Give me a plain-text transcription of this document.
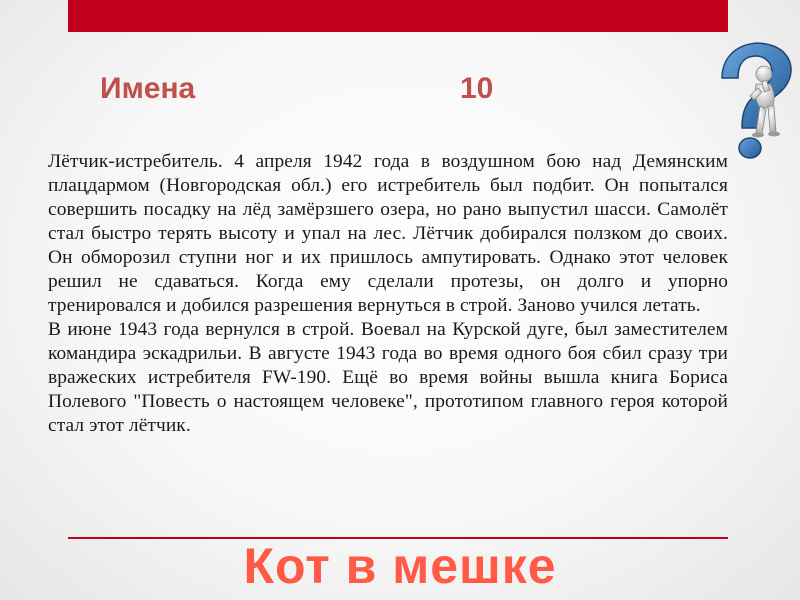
Имена	10

Лётчик-истребитель. 4 апреля 1942 года в воздушном бою над Демянским плацдармом (Новгородская обл.) его истребитель был подбит. Он попытался совершить посадку на лёд замёрзшего озера, но рано выпустил шасси. Самолёт стал быстро терять высоту и упал на лес. Лётчик добирался ползком до своих. Он обморозил ступни ног и их пришлось ампутировать. Однако этот человек решил не сдаваться. Когда ему сделали протезы, он долго и упорно тренировался и добился разрешения вернуться в строй. Заново учился летать.

В июне 1943 года вернулся в строй. Воевал на Курской дуге, был заместителем командира эскадрильи. В августе 1943 года во время одного боя сбил сразу три вражеских истребителя FW-190. Ещё во время войны вышла книга Бориса Полевого "Повесть о настоящем человеке", прототипом главного героя которой стал этот лётчик.

Кот в мешке
